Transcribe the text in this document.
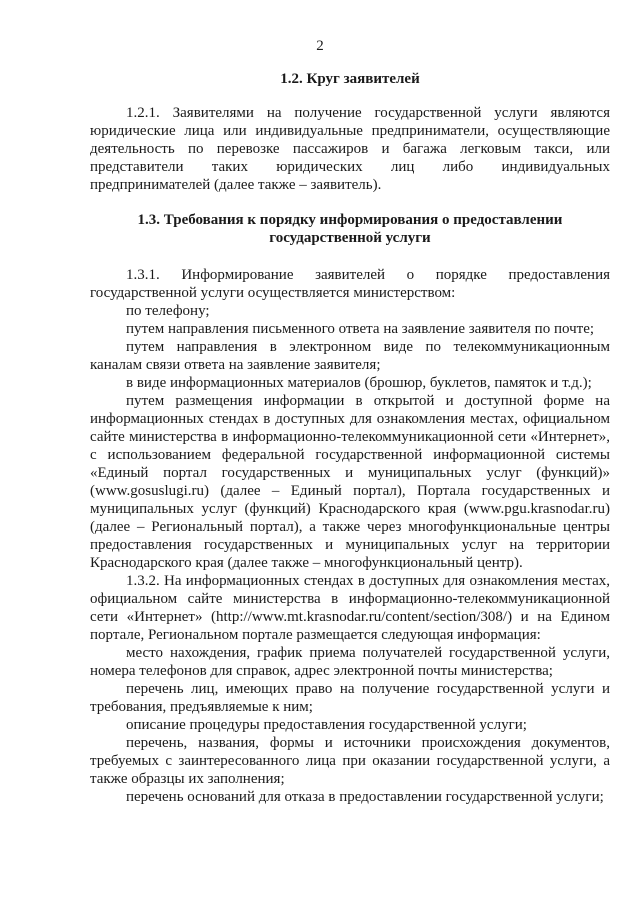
2
1.2. Круг заявителей

1.2.1. Заявителями на получение государственной услуги являются юридические лица или индивидуальные предприниматели, осуществляющие деятельность по перевозке пассажиров и багажа легковым такси, или представители таких юридических лиц либо индивидуальных предпринимателей (далее также – заявитель).

1.3. Требования к порядку информирования о предоставлении
государственной услуги

1.3.1. Информирование заявителей о порядке предоставления государственной услуги осуществляется министерством:

по телефону;

путем направления письменного ответа на заявление заявителя по почте;

путем направления в электронном виде по телекоммуникационным каналам связи ответа на заявление заявителя;

в виде информационных материалов (брошюр, буклетов, памяток и т.д.);

путем размещения информации в открытой и доступной форме на информационных стендах в доступных для ознакомления местах, официальном сайте министерства в информационно-телекоммуникационной сети «Интернет», с использованием федеральной государственной информационной системы «Единый портал государственных и муниципальных услуг (функций)» (www.gosuslugi.ru) (далее – Единый портал), Портала государственных и муниципальных услуг (функций) Краснодарского края (www.pgu.krasnodar.ru) (далее – Региональный портал), а также через многофункциональные центры предоставления государственных и муниципальных услуг на территории Краснодарского края (далее также – многофункциональный центр).

1.3.2. На информационных стендах в доступных для ознакомления местах, официальном сайте министерства в информационно-телекоммуникационной сети «Интернет» (http://www.mt.krasnodar.ru/content/section/308/) и на Едином портале, Региональном портале размещается следующая информация:

место нахождения, график приема получателей государственной услуги, номера телефонов для справок, адрес электронной почты министерства;

перечень лиц, имеющих право на получение государственной услуги и требования, предъявляемые к ним;

описание процедуры предоставления государственной услуги;

перечень, названия, формы и источники происхождения документов, требуемых с заинтересованного лица при оказании государственной услуги, а также образцы их заполнения;

перечень оснований для отказа в предоставлении государственной услуги;
